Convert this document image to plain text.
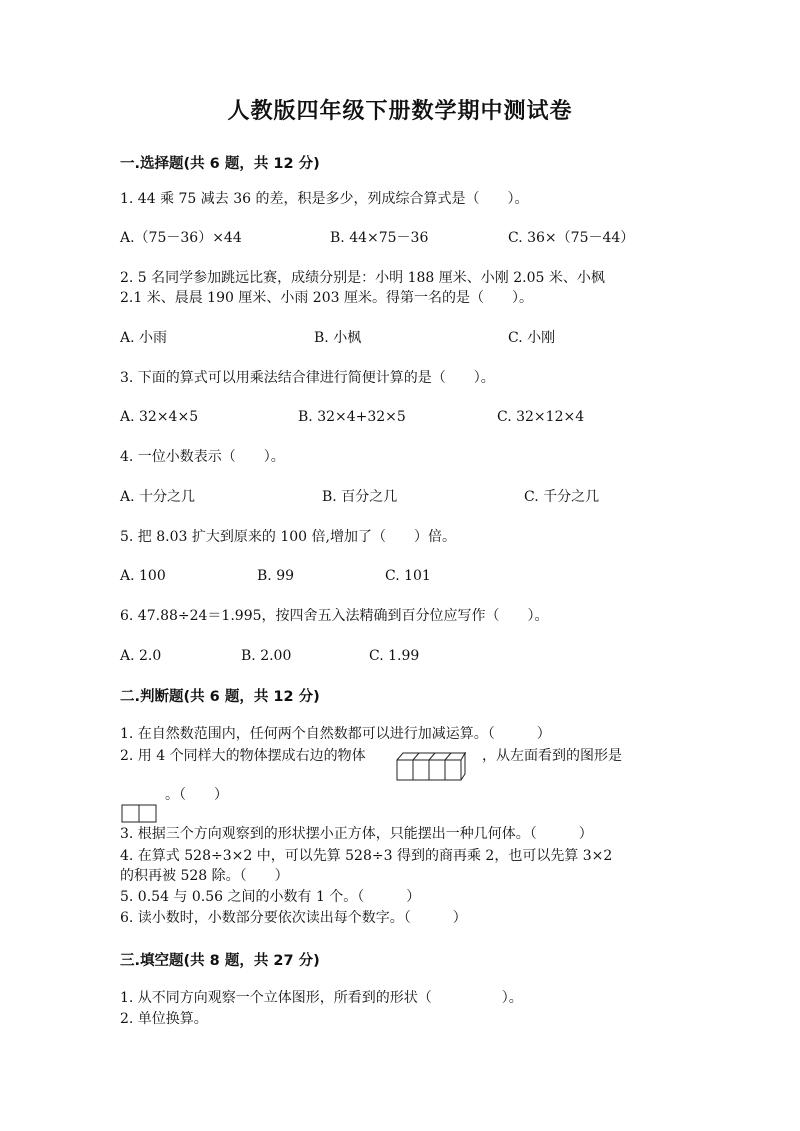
人教版四年级下册数学期中测试卷
一.选择题(共 6 题，共 12 分)
1. 44 乘 75 减去 36 的差，积是多少，列成综合算式是（　　）。
A.（75－36）×44	B. 44×75－36	C. 36×（75－44）
2. 5 名同学参加跳远比赛，成绩分别是：小明 188 厘米、小刚 2.05 米、小枫
2.1 米、晨晨 190 厘米、小雨 203 厘米。得第一名的是（　　）。
A. 小雨	B. 小枫	C. 小刚
3. 下面的算式可以用乘法结合律进行简便计算的是（　　）。
A. 32×4×5	B. 32×4+32×5	C. 32×12×4
4. 一位小数表示（　　）。
A. 十分之几	B. 百分之几	C. 千分之几
5. 把 8.03 扩大到原来的 100 倍,增加了（　　）倍。
A. 100	B. 99	C. 101
6. 47.88÷24＝1.995，按四舍五入法精确到百分位应写作（　　）。
A. 2.0	B. 2.00	C. 1.99
二.判断题(共 6 题，共 12 分)
1. 在自然数范围内，任何两个自然数都可以进行加减运算。（　　　）
2. 用 4 个同样大的物体摆成右边的物体	，从左面看到的图形是
。（　　）
3. 根据三个方向观察到的形状摆小正方体，只能摆出一种几何体。（　　　）
4. 在算式 528÷3×2 中，可以先算 528÷3 得到的商再乘 2，也可以先算 3×2
的积再被 528 除。（　　）
5. 0.54 与 0.56 之间的小数有 1 个。（　　　）
6. 读小数时，小数部分要依次读出每个数字。（　　　）
三.填空题(共 8 题，共 27 分)
1. 从不同方向观察一个立体图形，所看到的形状（　　　　　）。
2. 单位换算。
